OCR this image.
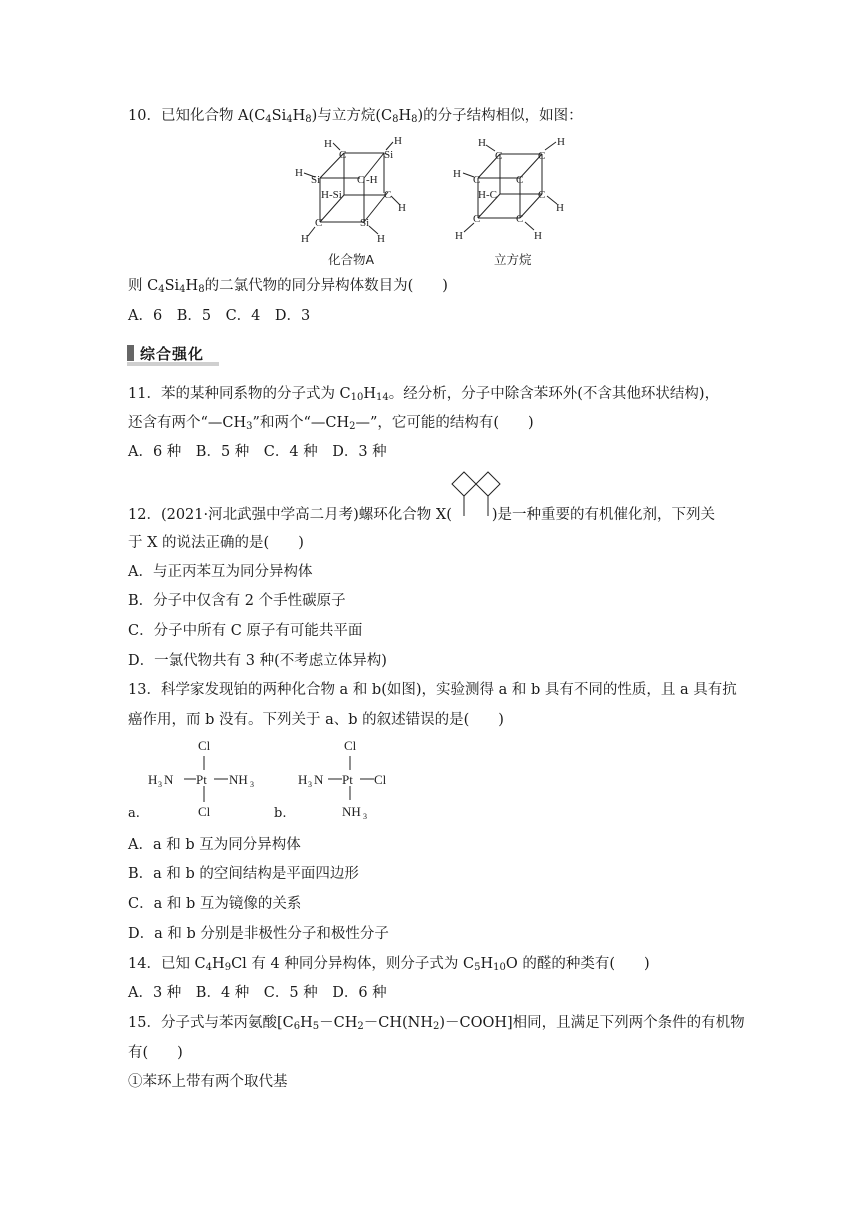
10．已知化合物 $A(C_4Si_4H_8)$与立方烷$(C_8H_8)$的分子结构相似，如图：
C	Si
H	H
H
Si	C -H
H-Si	C
H
C	Si
H	H
化合物A
C	C
H	H
H C	C
H-C	C
H
C	C
H	H
立方烷
则 $C_4Si_4H_8$的二氯代物的同分异构体数目为(　　)
A．6　B．5　C．4　D．3
综合强化
11．苯的某种同系物的分子式为 $C_{10}H_{14}$。经分析，分子中除含苯环外(不含其他环状结构)，
还含有两个“$—CH_3$”和两个“$—CH_2—$”，它可能的结构有(　　)
A．6 种　B．5 种　C．4 种　D．3 种
12．(2021·河北武强中学高二月考)螺环化合物 X(	)是一种重要的有机催化剂，下列关
于 X 的说法正确的是(　　)
A．与正丙苯互为同分异构体
B．分子中仅含有 2 个手性碳原子
C．分子中所有 C 原子有可能共平面
D．一氯代物共有 3 种(不考虑立体异构)
13．科学家发现铂的两种化合物 a 和 b(如图)，实验测得 a 和 b 具有不同的性质，且 a 具有抗
癌作用，而 b 没有。下列关于 a、b 的叙述错误的是(　　)
Cl
H 3 N Pt NH 3
Cl
a.
Cl
H 3 N Pt Cl
NH 3
b.
A．a 和 b 互为同分异构体
B．a 和 b 的空间结构是平面四边形
C．a 和 b 互为镜像的关系
D．a 和 b 分别是非极性分子和极性分子
14．已知 $C_4H_9Cl$ 有 4 种同分异构体，则分子式为 $C_5H_{10}O$ 的醛的种类有(　　)
A．3 种　B．4 种　C．5 种　D．6 种
15．分子式与苯丙氨酸$[C_6H_5-CH_2-CH(NH_2)-COOH]$相同，且满足下列两个条件的有机物
有(　　)
①苯环上带有两个取代基
